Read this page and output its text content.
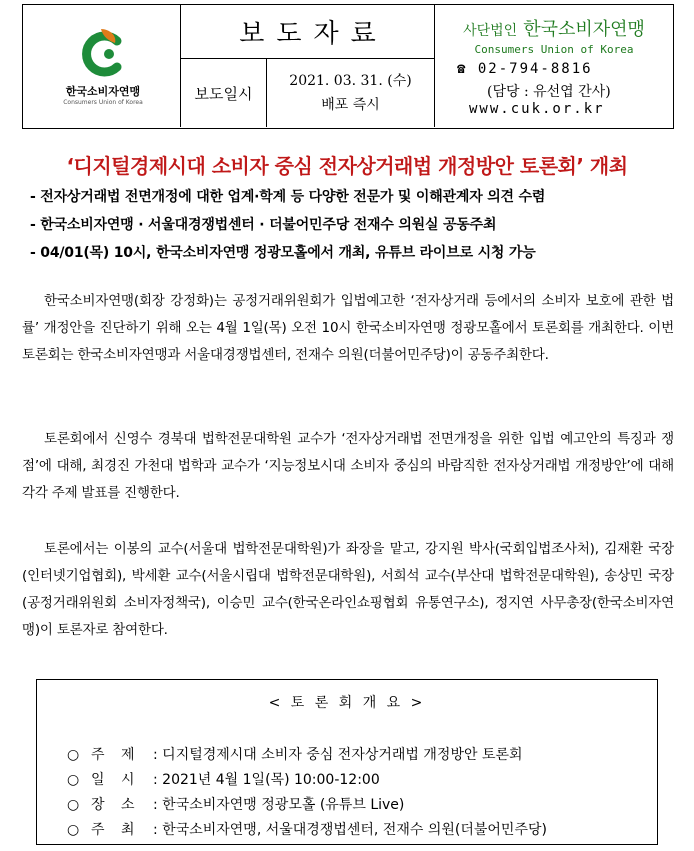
한국소비자연맹
Consumers Union of Korea
보도자료
보도일시
2021. 03. 31. (수)
배포 즉시
사단법인 한국소비자연맹
Consumers Union of Korea
☎ 02-794-8816
(담당 : 유선엽 간사)
www.cuk.or.kr
‘디지털경제시대 소비자 중심 전자상거래법 개정방안 토론회’ 개최
- 전자상거래법 전면개정에 대한 업계·학계 등 다양한 전문가 및 이해관계자 의견 수렴
- 한국소비자연맹 · 서울대경쟁법센터 · 더불어민주당 전재수 의원실 공동주최
- 04/01(목) 10시, 한국소비자연맹 정광모홀에서 개최, 유튜브 라이브로 시청 가능
한국소비자연맹(회장 강정화)는 공정거래위원회가 입법예고한 ‘전자상거래 등에서의 소비자 보호에 관한 법률’ 개정안을 진단하기 위해 오는 4월 1일(목) 오전 10시 한국소비자연맹 정광모홀에서 토론회를 개최한다. 이번 토론회는 한국소비자연맹과 서울대경쟁법센터, 전재수 의원(더불어민주당)이 공동주최한다.
토론회에서 신영수 경북대 법학전문대학원 교수가 ‘전자상거래법 전면개정을 위한 입법 예고안의 특징과 쟁점’에 대해, 최경진 가천대 법학과 교수가 ‘지능정보시대 소비자 중심의 바람직한 전자상거래법 개정방안’에 대해 각각 주제 발표를 진행한다.
토론에서는 이봉의 교수(서울대 법학전문대학원)가 좌장을 맡고, 강지원 박사(국회입법조사처), 김재환 국장(인터넷기업협회), 박세환 교수(서울시립대 법학전문대학원), 서희석 교수(부산대 법학전문대학원), 송상민 국장(공정거래위원회 소비자정책국), 이승민 교수(한국온라인쇼핑협회 유통연구소), 정지연 사무총장(한국소비자연맹)이 토론자로 참여한다.
< 토 론 회 개 요 >
○ 주 제 : 디지털경제시대 소비자 중심 전자상거래법 개정방안 토론회
○ 일 시 : 2021년 4월 1일(목) 10:00-12:00
○ 장 소 : 한국소비자연맹 정광모홀 (유튜브 Live)
○ 주 최 : 한국소비자연맹, 서울대경쟁법센터, 전재수 의원(더불어민주당)
